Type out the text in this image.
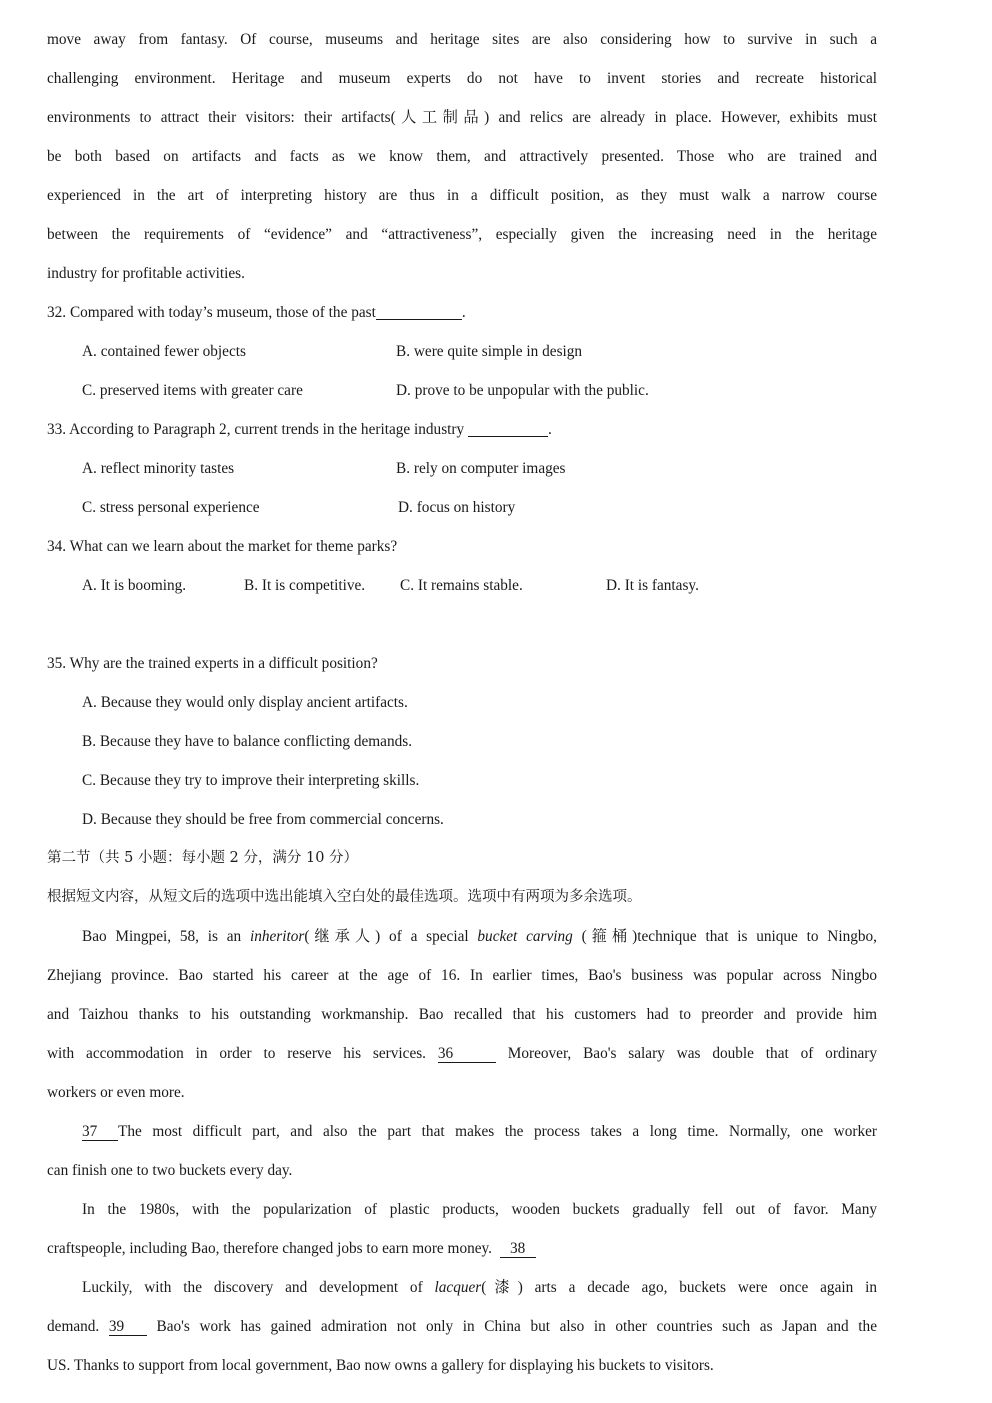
move away from fantasy. Of course, museums and heritage sites are also considering how to survive in such a
challenging environment. Heritage and museum experts do not have to invent stories and recreate historical
environments to attract their visitors: their artifacts(人工制品) and relics are already in place. However, exhibits must
be both based on artifacts and facts as we know them, and attractively presented. Those who are trained and
experienced in the art of interpreting history are thus in a difficult position, as they must walk a narrow course
between the requirements of “evidence” and “attractiveness”, especially given the increasing need in the heritage
industry for profitable activities.
32. Compared with today’s museum, those of the past	.
A. contained fewer objects	B. were quite simple in design
C. preserved items with greater care	D. prove to be unpopular with the public.
33. According to Paragraph 2, current trends in the heritage industry	.
A. reflect minority tastes	B. rely on computer images
C. stress personal experience	D. focus on history
34. What can we learn about the market for theme parks?
A. It is booming.	B. It is competitive. C. It remains stable.	D. It is fantasy.
35. Why are the trained experts in a difficult position?
A. Because they would only display ancient artifacts.
B. Because they have to balance conflicting demands.
C. Because they try to improve their interpreting skills.
D. Because they should be free from commercial concerns.
第二节（共 5 小题：每小题 2 分，满分 10 分）
根据短文内容，从短文后的选项中选出能填入空白处的最佳选项。选项中有两项为多余选项。
Bao Mingpei, 58, is an inheritor(继承人) of a special bucket carving (箍桶)technique that is unique to Ningbo,
Zhejiang province. Bao started his career at the age of 16. In earlier times, Bao's business was popular across Ningbo
and Taizhou thanks to his outstanding workmanship. Bao recalled that his customers had to preorder and provide him
with accommodation in order to reserve his services. 36	Moreover, Bao's salary was double that of ordinary
workers or even more.
37 The most difficult part, and also the part that makes the process takes a long time. Normally, one worker
can finish one to two buckets every day.
In the 1980s, with the popularization of plastic products, wooden buckets gradually fell out of favor. Many
craftspeople, including Bao, therefore changed jobs to earn more money. 38
Luckily, with the discovery and development of lacquer(漆) arts a decade ago, buckets were once again in
demand. 39 Bao's work has gained admiration not only in China but also in other countries such as Japan and the
US. Thanks to support from local government, Bao now owns a gallery for displaying his buckets to visitors.
